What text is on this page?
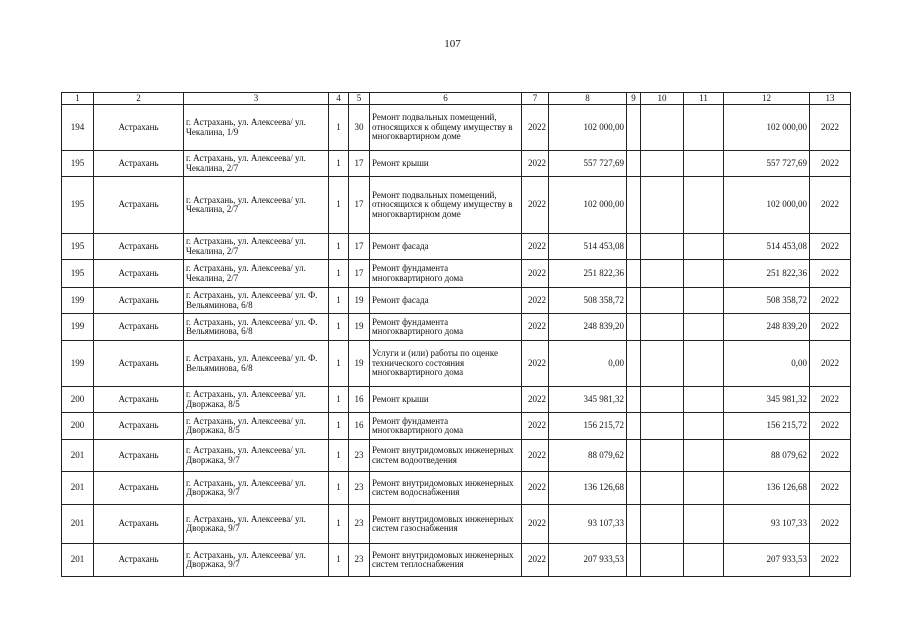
107
1	2	3	4	5	6	7	8	9	10	11	12	13
194	Астрахань	г. Астрахань, ул. Алексеева/ ул. Чекалина, 1/9	1	30	Ремонт подвальных помещений, относящихся к общему имуществу в многоквартирном доме	2022	102 000,00				102 000,00	2022
195	Астрахань	г. Астрахань, ул. Алексеева/ ул. Чекалина, 2/7	1	17	Ремонт крыши	2022	557 727,69				557 727,69	2022
195	Астрахань	г. Астрахань, ул. Алексеева/ ул. Чекалина, 2/7	1	17	Ремонт подвальных помещений, относящихся к общему имуществу в многоквартирном доме	2022	102 000,00				102 000,00	2022
195	Астрахань	г. Астрахань, ул. Алексеева/ ул. Чекалина, 2/7	1	17	Ремонт фасада	2022	514 453,08				514 453,08	2022
195	Астрахань	г. Астрахань, ул. Алексеева/ ул. Чекалина, 2/7	1	17	Ремонт фундамента многоквартирного дома	2022	251 822,36				251 822,36	2022
199	Астрахань	г. Астрахань, ул. Алексеева/ ул. Ф. Вельяминова, 6/8	1	19	Ремонт фасада	2022	508 358,72				508 358,72	2022
199	Астрахань	г. Астрахань, ул. Алексеева/ ул. Ф. Вельяминова, 6/8	1	19	Ремонт фундамента многоквартирного дома	2022	248 839,20				248 839,20	2022
199	Астрахань	г. Астрахань, ул. Алексеева/ ул. Ф. Вельяминова, 6/8	1	19	Услуги и (или) работы по оценке технического состояния многоквартирного дома	2022	0,00				0,00	2022
200	Астрахань	г. Астрахань, ул. Алексеева/ ул. Дворжака, 8/5	1	16	Ремонт крыши	2022	345 981,32				345 981,32	2022
200	Астрахань	г. Астрахань, ул. Алексеева/ ул. Дворжака, 8/5	1	16	Ремонт фундамента многоквартирного дома	2022	156 215,72				156 215,72	2022
201	Астрахань	г. Астрахань, ул. Алексеева/ ул. Дворжака, 9/7	1	23	Ремонт внутридомовых инженерных систем водоотведения	2022	88 079,62				88 079,62	2022
201	Астрахань	г. Астрахань, ул. Алексеева/ ул. Дворжака, 9/7	1	23	Ремонт внутридомовых инженерных систем водоснабжения	2022	136 126,68				136 126,68	2022
201	Астрахань	г. Астрахань, ул. Алексеева/ ул. Дворжака, 9/7	1	23	Ремонт внутридомовых инженерных систем газоснабжения	2022	93 107,33				93 107,33	2022
201	Астрахань	г. Астрахань, ул. Алексеева/ ул. Дворжака, 9/7	1	23	Ремонт внутридомовых инженерных систем теплоснабжения	2022	207 933,53				207 933,53	2022
